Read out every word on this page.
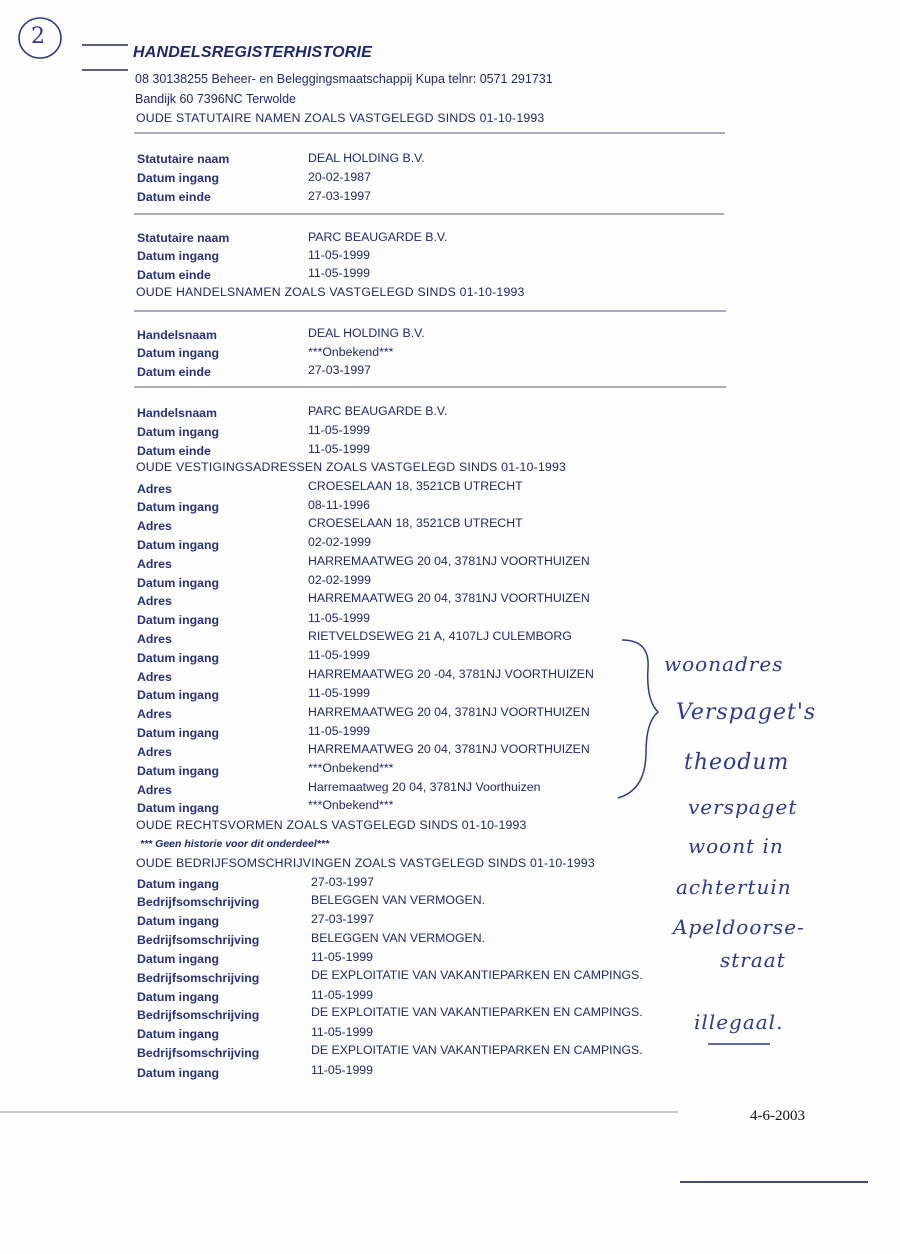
2
HANDELSREGISTERHISTORIE
08 30138255 Beheer- en Beleggingsmaatschappij Kupa telnr: 0571 291731
Bandijk 60 7396NC Terwolde
OUDE STATUTAIRE NAMEN ZOALS VASTGELEGD SINDS 01-10-1993
Statutaire naam	DEAL HOLDING B.V.
Datum ingang	20-02-1987
Datum einde	27-03-1997
Statutaire naam	PARC BEAUGARDE B.V.
Datum ingang	11-05-1999
Datum einde	11-05-1999
OUDE HANDELSNAMEN ZOALS VASTGELEGD SINDS 01-10-1993
Handelsnaam	DEAL HOLDING B.V.
Datum ingang	***Onbekend***
Datum einde	27-03-1997
Handelsnaam	PARC BEAUGARDE B.V.
Datum ingang	11-05-1999
Datum einde	11-05-1999
OUDE VESTIGINGSADRESSEN ZOALS VASTGELEGD SINDS 01-10-1993
Adres	CROESELAAN 18, 3521CB UTRECHT
Datum ingang	08-11-1996
Adres	CROESELAAN 18, 3521CB UTRECHT
Datum ingang	02-02-1999
Adres	HARREMAATWEG 20 04, 3781NJ VOORTHUIZEN
Datum ingang	02-02-1999
Adres	HARREMAATWEG 20 04, 3781NJ VOORTHUIZEN
Datum ingang	11-05-1999
Adres	RIETVELDSEWEG 21 A, 4107LJ CULEMBORG
Datum ingang	11-05-1999
Adres	HARREMAATWEG 20 -04, 3781NJ VOORTHUIZEN
Datum ingang	11-05-1999
Adres	HARREMAATWEG 20 04, 3781NJ VOORTHUIZEN
Datum ingang	11-05-1999
Adres	HARREMAATWEG 20 04, 3781NJ VOORTHUIZEN
Datum ingang	***Onbekend***
Adres	Harremaatweg 20 04, 3781NJ Voorthuizen
Datum ingang	***Onbekend***
OUDE RECHTSVORMEN ZOALS VASTGELEGD SINDS 01-10-1993
*** Geen historie voor dit onderdeel***
OUDE BEDRIJFSOMSCHRIJVINGEN ZOALS VASTGELEGD SINDS 01-10-1993
Datum ingang	27-03-1997
Bedrijfsomschrijving	BELEGGEN VAN VERMOGEN.
Datum ingang	27-03-1997
Bedrijfsomschrijving	BELEGGEN VAN VERMOGEN.
Datum ingang	11-05-1999
Bedrijfsomschrijving	DE EXPLOITATIE VAN VAKANTIEPARKEN EN CAMPINGS.
Datum ingang	11-05-1999
Bedrijfsomschrijving	DE EXPLOITATIE VAN VAKANTIEPARKEN EN CAMPINGS.
Datum ingang	11-05-1999
Bedrijfsomschrijving	DE EXPLOITATIE VAN VAKANTIEPARKEN EN CAMPINGS.
Datum ingang	11-05-1999
woonadres
Verspaget's
theodum
verspaget
woont in
achtertuin
Apeldoorse-
straat
illegaal.
4-6-2003
